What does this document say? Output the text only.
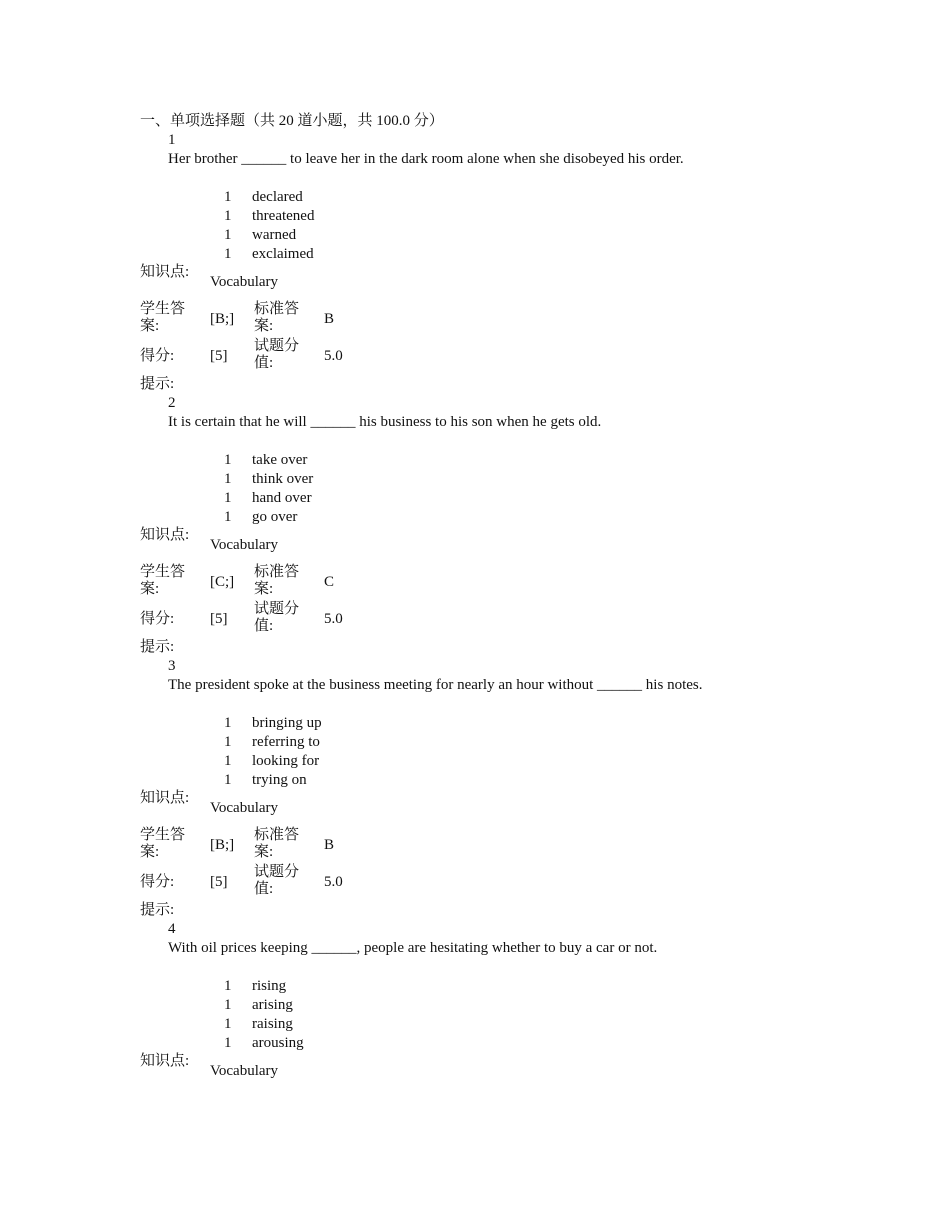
一、单项选择题（共 20 道小题，共 100.0 分）
1
Her brother ______ to leave her in the dark room alone when she disobeyed his order.
1 declared
1 threatened
1 warned
1 exclaimed
知识点:
Vocabulary
学生答案:	[B;]
标准答案:	B
得分:	[5]
试题分值:	5.0
提示:
2
It is certain that he will ______ his business to his son when he gets old.
1 take over
1 think over
1 hand over
1 go over
知识点:
Vocabulary
学生答案:	[C;]
标准答案:	C
得分:	[5]
试题分值:	5.0
提示:
3
The president spoke at the business meeting for nearly an hour without ______ his notes.
1 bringing up
1 referring to
1 looking for
1 trying on
知识点:
Vocabulary
学生答案:	[B;]
标准答案:	B
得分:	[5]
试题分值:	5.0
提示:
4
With oil prices keeping ______, people are hesitating whether to buy a car or not.
1 rising
1 arising
1 raising
1 arousing
知识点:
Vocabulary
